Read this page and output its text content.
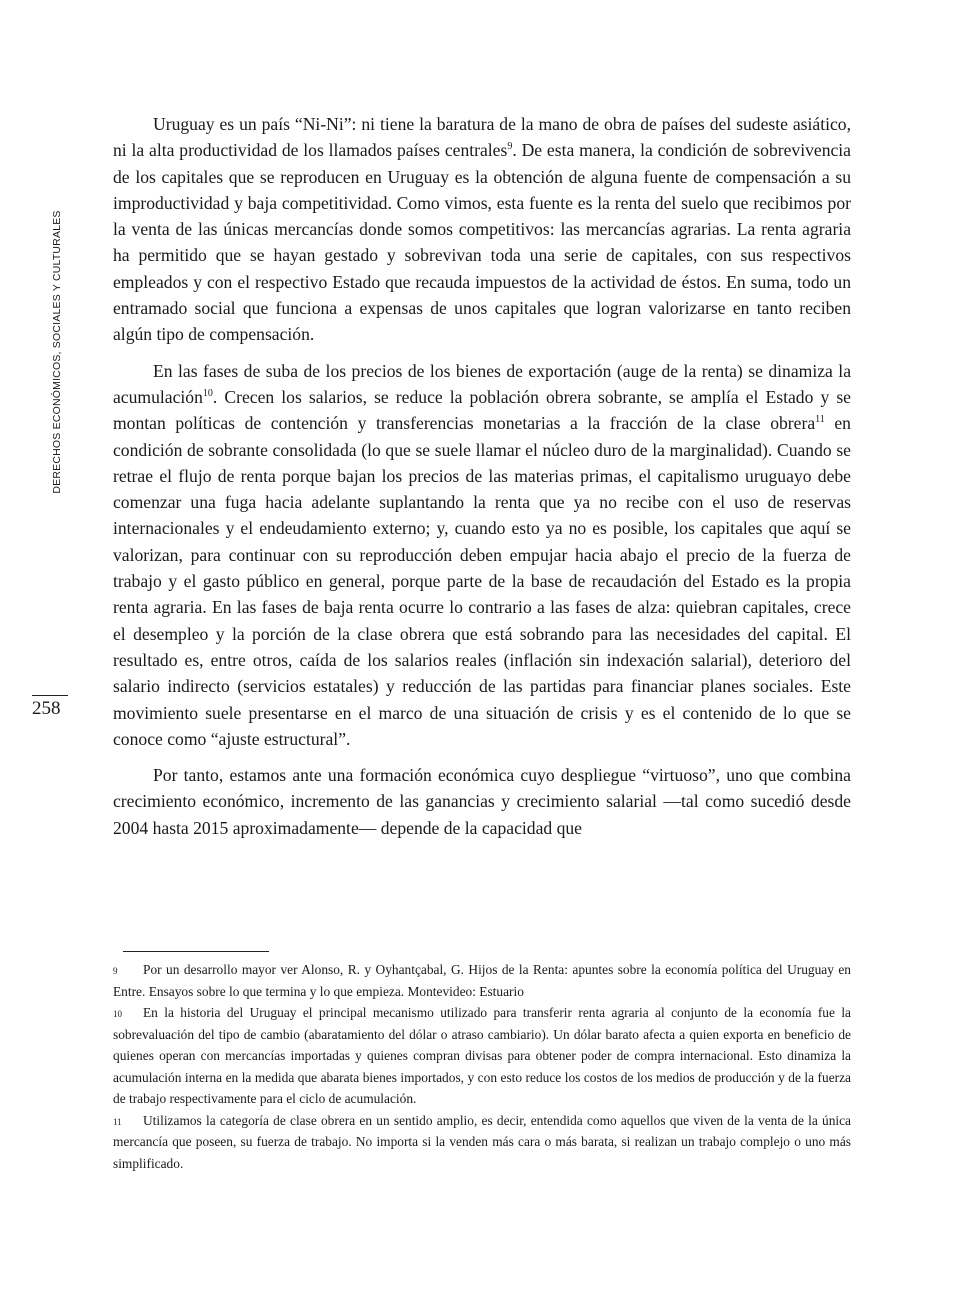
DERECHOS ECONÓMICOS, SOCIALES Y CULTURALES
258

Uruguay es un país “Ni-Ni”: ni tiene la baratura de la mano de obra de países del sudeste asiático, ni la alta productividad de los llamados países centrales$^9$. De esta manera, la condición de sobrevivencia de los capitales que se reproducen en Uruguay es la obtención de alguna fuente de compensación a su improductividad y baja competitividad. Como vimos, esta fuente es la renta del suelo que recibimos por la venta de las únicas mercancías donde somos competitivos: las mercancías agrarias. La renta agraria ha permitido que se hayan gestado y sobrevivan toda una serie de capitales, con sus respectivos empleados y con el respectivo Estado que recauda impuestos de la actividad de éstos. En suma, todo un entramado social que funciona a expensas de unos capitales que logran valorizarse en tanto reciben algún tipo de compensación.

En las fases de suba de los precios de los bienes de exportación (auge de la renta) se dinamiza la acumulación$^{10}$. Crecen los salarios, se reduce la población obrera sobrante, se amplía el Estado y se montan políticas de contención y transferencias monetarias a la fracción de la clase obrera$^{11}$ en condición de sobrante consolidada (lo que se suele llamar el núcleo duro de la marginalidad). Cuando se retrae el flujo de renta porque bajan los precios de las materias primas, el capitalismo uruguayo debe comenzar una fuga hacia adelante suplantando la renta que ya no recibe con el uso de reservas internacionales y el endeudamiento externo; y, cuando esto ya no es posible, los capitales que aquí se valorizan, para continuar con su reproducción deben empujar hacia abajo el precio de la fuerza de trabajo y el gasto público en general, porque parte de la base de recaudación del Estado es la propia renta agraria. En las fases de baja renta ocurre lo contrario a las fases de alza: quiebran capitales, crece el desempleo y la porción de la clase obrera que está sobrando para las necesidades del capital. El resultado es, entre otros, caída de los salarios reales (inflación sin indexación salarial), deterioro del salario indirecto (servicios estatales) y reducción de las partidas para financiar planes sociales. Este movimiento suele presentarse en el marco de una situación de crisis y es el contenido de lo que se conoce como “ajuste estructural”.

Por tanto, estamos ante una formación económica cuyo despliegue “virtuoso”, uno que combina crecimiento económico, incremento de las ganancias y crecimiento salarial —tal como sucedió desde 2004 hasta 2015 aproximadamente— depende de la capacidad que

9 Por un desarrollo mayor ver Alonso, R. y Oyhantçabal, G. Hijos de la Renta: apuntes sobre la economía política del Uruguay en Entre. Ensayos sobre lo que termina y lo que empieza. Montevideo: Estuario

10 En la historia del Uruguay el principal mecanismo utilizado para transferir renta agraria al conjunto de la economía fue la sobrevaluación del tipo de cambio (abaratamiento del dólar o atraso cambiario). Un dólar barato afecta a quien exporta en beneficio de quienes operan con mercancías importadas y quienes compran divisas para obtener poder de compra internacional. Esto dinamiza la acumulación interna en la medida que abarata bienes importados, y con esto reduce los costos de los medios de producción y de la fuerza de trabajo respectivamente para el ciclo de acumulación.

11 Utilizamos la categoría de clase obrera en un sentido amplio, es decir, entendida como aquellos que viven de la venta de la única mercancía que poseen, su fuerza de trabajo. No importa si la venden más cara o más barata, si realizan un trabajo complejo o uno más simplificado.
